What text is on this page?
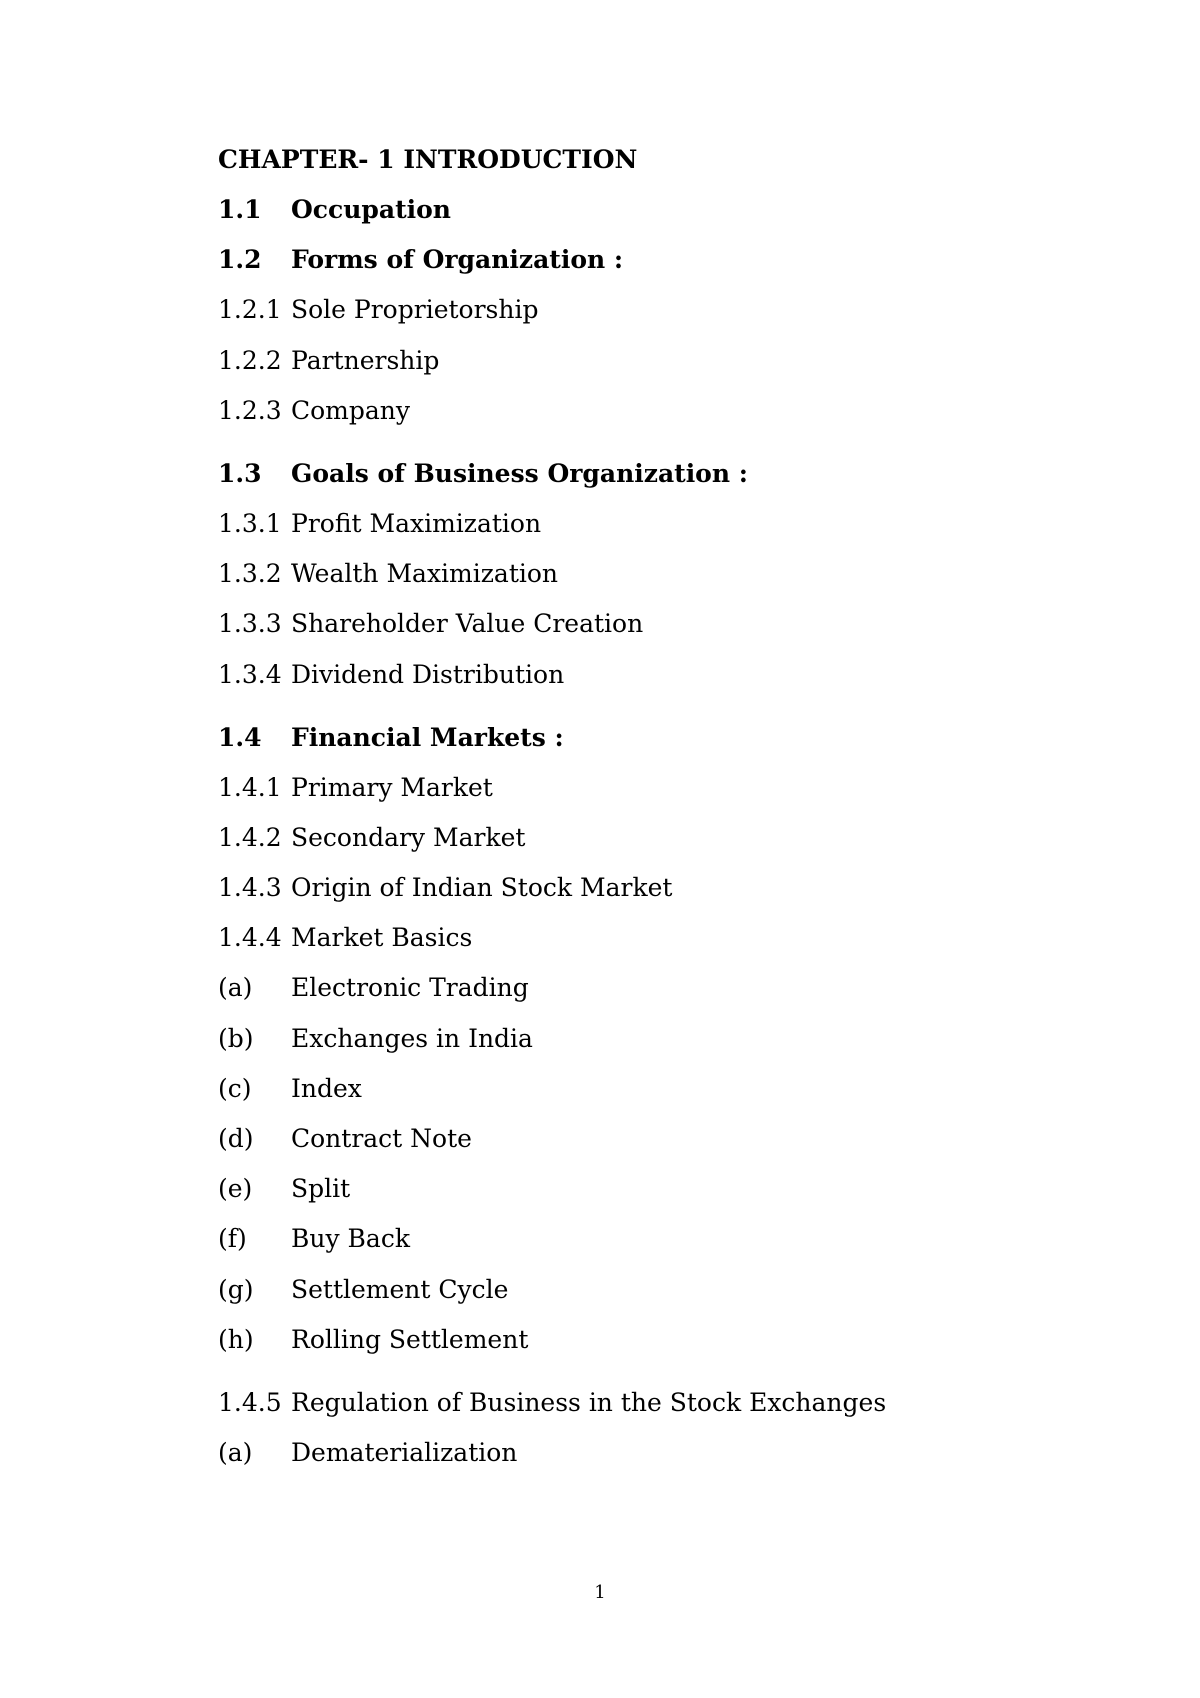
CHAPTER- 1 INTRODUCTION
1.1	Occupation
1.2	Forms of Organization :
1.2.1 Sole Proprietorship
1.2.2 Partnership
1.2.3 Company
1.3	Goals of Business Organization :
1.3.1 Profit Maximization
1.3.2 Wealth Maximization
1.3.3 Shareholder Value Creation
1.3.4 Dividend Distribution
1.4	Financial Markets :
1.4.1 Primary Market
1.4.2 Secondary Market
1.4.3 Origin of Indian Stock Market
1.4.4 Market Basics
(a)	Electronic Trading
(b)	Exchanges in India
(c)	Index
(d)	Contract Note
(e)	Split
(f)	Buy Back
(g)	Settlement Cycle
(h)	Rolling Settlement
1.4.5 Regulation of Business in the Stock Exchanges
(a)	Dematerialization
1
